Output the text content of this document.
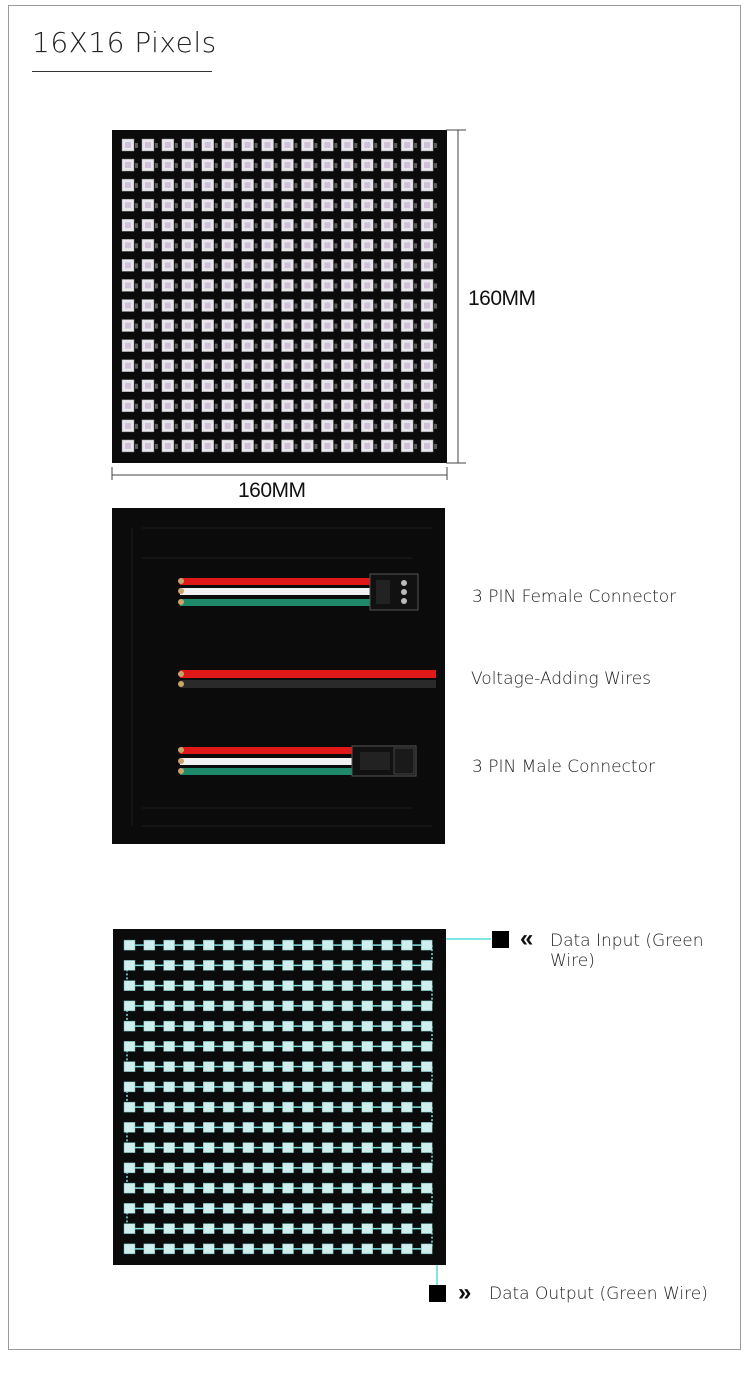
16X16 Pixels
160MM
160MM
3 PIN Female Connector
Voltage-Adding Wires
3 PIN Male Connector
« Data Input (Green Wire)
» Data Output (Green Wire)
